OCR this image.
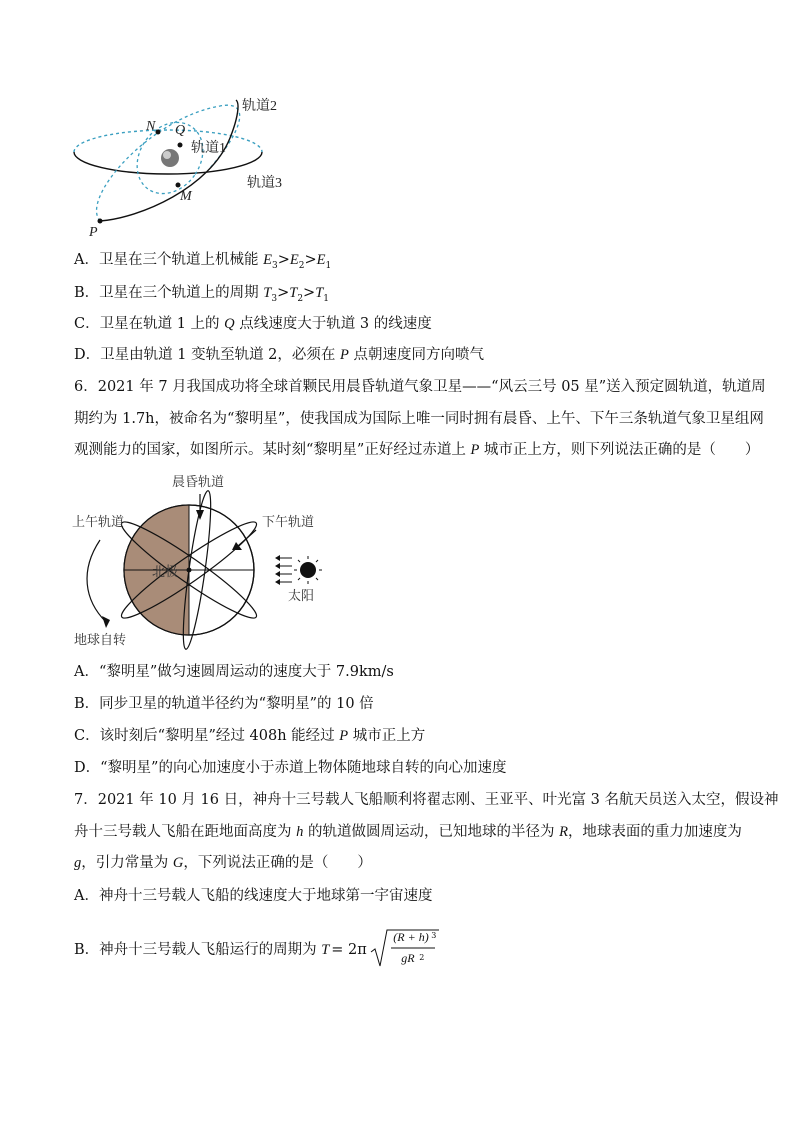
轨道2
轨道1
轨道3
N Q
M
P
A．卫星在三个轨道上机械能 $E_3>E_2>E_1$
B．卫星在三个轨道上的周期 $T_3>T_2>T_1$
C．卫星在轨道 1 上的 Q 点线速度大于轨道 3 的线速度
D．卫星由轨道 1 变轨至轨道 2，必须在 P 点朝速度同方向喷气
6．2021 年 7 月我国成功将全球首颗民用晨昏轨道气象卫星——“风云三号 05 星”送入预定圆轨道，轨道周
期约为 1.7h，被命名为“黎明星”，使我国成为国际上唯一同时拥有晨昏、上午、下午三条轨道气象卫星组网
观测能力的国家，如图所示。某时刻“黎明星”正好经过赤道上 P 城市正上方，则下列说法正确的是（　　）
晨昏轨道
上午轨道	下午轨道
北极
太阳
地球自转
A．“黎明星”做匀速圆周运动的速度大于 7.9km/s
B．同步卫星的轨道半径约为“黎明星”的 10 倍
C．该时刻后“黎明星”经过 408h 能经过 P 城市正上方
D．“黎明星”的向心加速度小于赤道上物体随地球自转的向心加速度
7．2021 年 10 月 16 日，神舟十三号载人飞船顺利将翟志刚、王亚平、叶光富 3 名航天员送入太空，假设神
舟十三号载人飞船在距地面高度为 h 的轨道做圆周运动，已知地球的半径为 R，地球表面的重力加速度为
g，引力常量为 G，下列说法正确的是（　　）
A．神舟十三号载人飞船的线速度大于地球第一宇宙速度
B．神舟十三号载人飞船运行的周期为 T = 2π
(R + h) 3
gR 2
